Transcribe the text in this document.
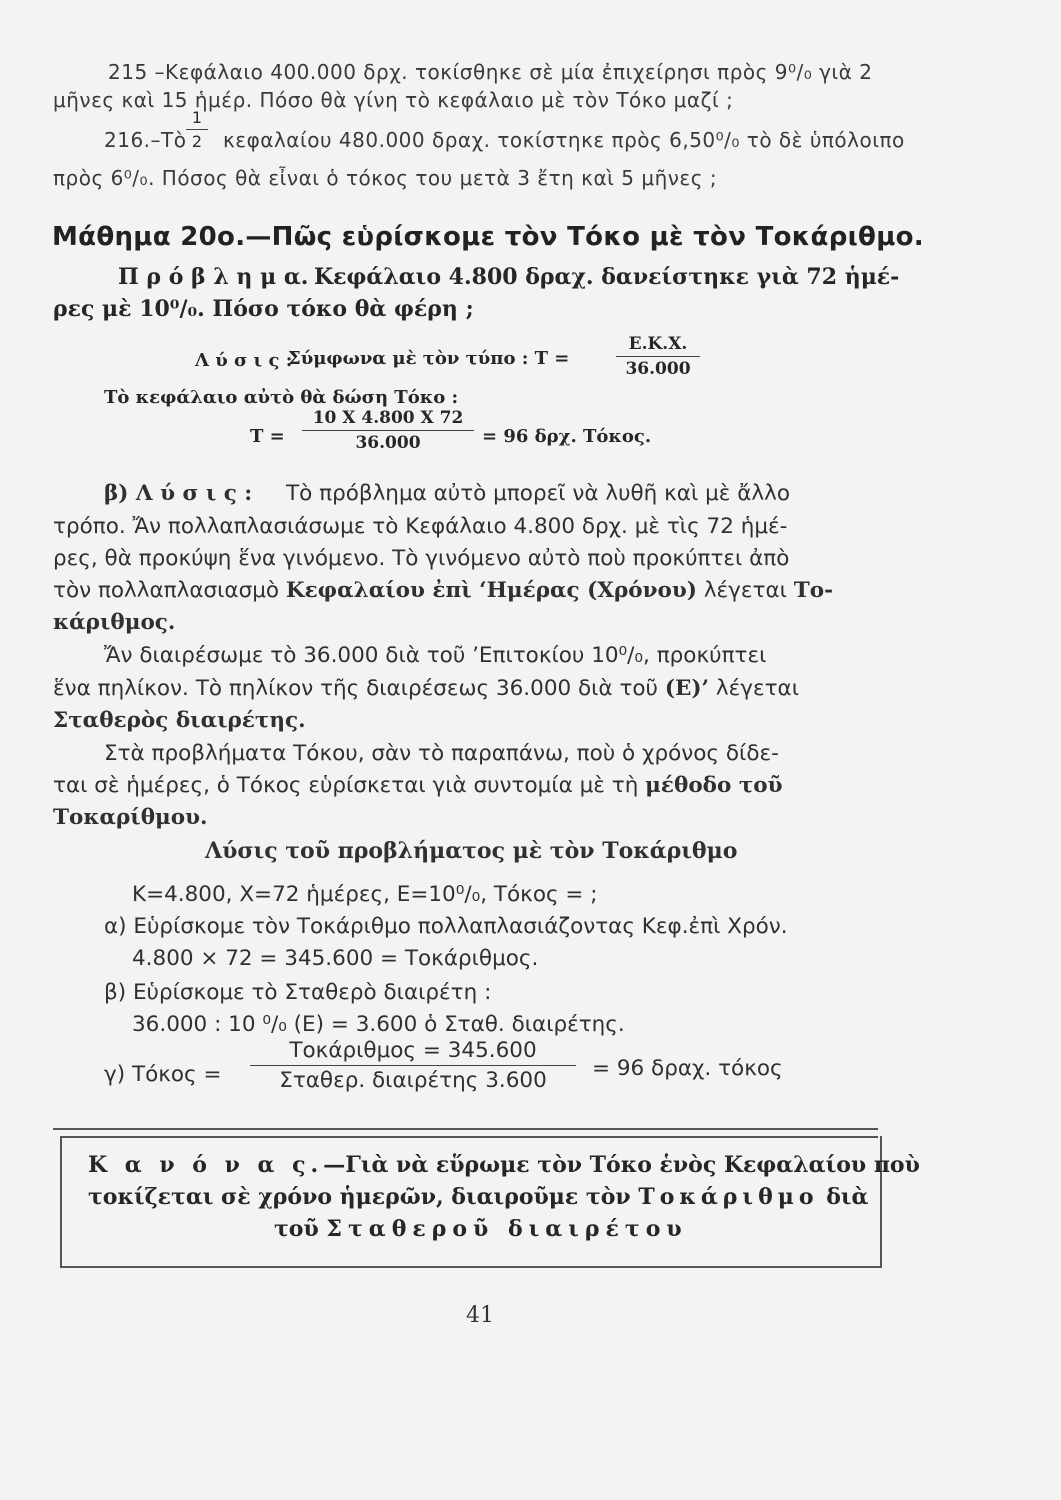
215 –Κεφάλαιο 400.000 δρχ. τοκίσθηκε σὲ μία ἐπιχείρησι πρὸς 9⁰/₀ γιὰ 2
μῆνες καὶ 15 ἡμέρ. Πόσο θὰ γίνη τὸ κεφάλαιο μὲ τὸν Τόκο μαζί ;
216.–Τὸ
1
2 κεφαλαίου 480.000 δραχ. τοκίστηκε πρὸς 6,50⁰/₀ τὸ δὲ ὑπόλοιπο
πρὸς 6⁰/₀. Πόσος θὰ εἶναι ὁ τόκος του μετὰ 3 ἔτη καὶ 5 μῆνες ;
Μάθημα 20ο.—Πῶς εὑρίσκομε τὸν Τόκο μὲ τὸν Τοκάριθμο.
Π ρ ό β λ η μ α. Κεφάλαιο 4.800 δραχ. δανείστηκε γιὰ 72 ἡμέ-
ρες μὲ 10⁰/₀. Πόσο τόκο θὰ φέρη ;
Λ ύ σ ι ς :
Σύμφωνα μὲ τὸν τύπο : Τ =
Ε.Κ.Χ.
36.000
Τὸ κεφάλαιο αὐτὸ θὰ δώση Τόκο :
Τ =
10 Χ 4.800 Χ 72
36.000	= 96 δρχ. Τόκος.
β) Λ ύ σ ι ς : Τὸ πρόβλημα αὐτὸ μπορεῖ νὰ λυθῆ καὶ μὲ ἄλλο
τρόπο. Ἄν πολλαπλασιάσωμε τὸ Κεφάλαιο 4.800 δρχ. μὲ τὶς 72 ἡμέ-
ρες, θὰ προκύψη ἕνα γινόμενο. Τὸ γινόμενο αὐτὸ ποὺ προκύπτει ἀπὸ
τὸν πολλαπλασιασμὸ Κεφαλαίου ἐπὶ ‘Ημέρας (Χρόνου) λέγεται Το-
κάριθμος.
Ἄν διαιρέσωμε τὸ 36.000 διὰ τοῦ ’Επιτοκίου 10⁰/₀, προκύπτει
ἕνα πηλίκον. Τὸ πηλίκον τῆς διαιρέσεως 36.000 διὰ τοῦ (Ε)’ λέγεται
Σταθερὸς διαιρέτης.
Στὰ προβλήματα Τόκου, σὰν τὸ παραπάνω, ποὺ ὁ χρόνος δίδε-
ται σὲ ἡμέρες, ὁ Τόκος εὑρίσκεται γιὰ συντομία μὲ τὴ μέθοδο τοῦ
Τοκαρίθμου.
Λύσις τοῦ προβλήματος μὲ τὸν Τοκάριθμο
Κ=4.800, Χ=72 ἡμέρες, Ε=10⁰/₀, Τόκος = ;
α) Εὑρίσκομε τὸν Τοκάριθμο πολλαπλασιάζοντας Κεφ.ἐπὶ Χρόν.
4.800 × 72 = 345.600 = Τοκάριθμος.
β) Εὑρίσκομε τὸ Σταθερὸ διαιρέτη :
36.000 : 10 ⁰/₀ (Ε) = 3.600 ὁ Σταθ. διαιρέτης.
γ) Τόκος =
Τοκάριθμος = 345.600
Σταθερ. διαιρέτης 3.600	= 96 δραχ. τόκος
Κ α ν ό ν α ς.—Γιὰ νὰ εὕρωμε τὸν Τόκο ἑνὸς Κεφαλαίου ποὺ
τοκίζεται σὲ χρόνο ἡμερῶν, διαιροῦμε τὸν Τοκάριθμο διὰ
τοῦ Σταθεροῦ διαιρέτου
41
